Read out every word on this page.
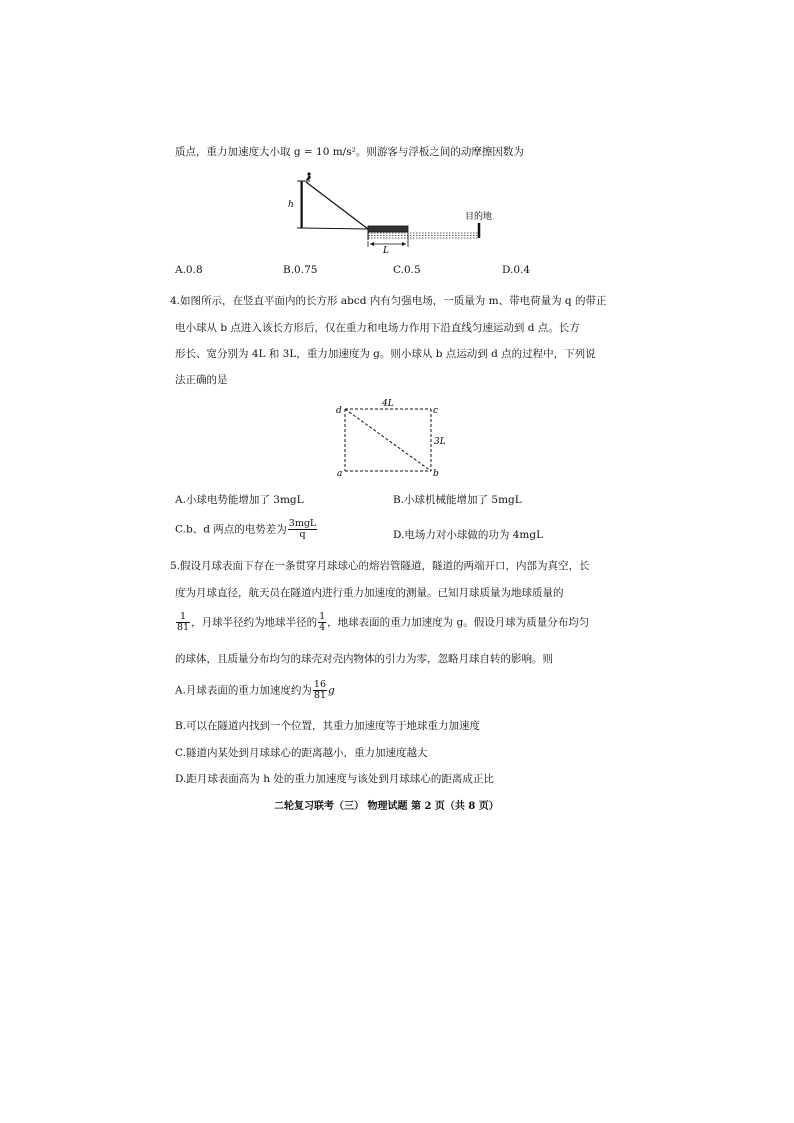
质点，重力加速度大小取 g = 10 m/s²。则游客与浮板之间的动摩擦因数为
h
L
目的地
A.0.8	B.0.75	C.0.5	D.0.4
4.如图所示，在竖直平面内的长方形 abcd 内有匀强电场，一质量为 m、带电荷量为 q 的带正
电小球从 b 点进入该长方形后，仅在重力和电场力作用下沿直线匀速运动到 d 点。长方
形长、宽分别为 4L 和 3L，重力加速度为 g。则小球从 b 点运动到 d 点的过程中，下列说
法正确的是
d	c
a	b
4L
3L
A.小球电势能增加了 3mgL	B.小球机械能增加了 5mgL
C.b、d 两点的电势差为 $\frac{\text{3mgL}}{q}$	D.电场力对小球做的功为 4mgL
5.假设月球表面下存在一条贯穿月球球心的熔岩管隧道，隧道的两端开口，内部为真空，长
度为月球直径，航天员在隧道内进行重力加速度的测量。已知月球质量为地球质量的
$\frac{1}{81}$ ，月球半径约为地球半径的 $\frac{1}{4}$ ，地球表面的重力加速度为 g。假设月球为质量分布均匀
的球体，且质量分布均匀的球壳对壳内物体的引力为零，忽略月球自转的影响。则
A.月球表面的重力加速度约为 $\frac{16}{81}$ g
B.可以在隧道内找到一个位置，其重力加速度等于地球重力加速度
C.隧道内某处到月球球心的距离越小，重力加速度越大
D.距月球表面高为 h 处的重力加速度与该处到月球球心的距离成正比
二轮复习联考（三） 物理试题 第 2 页（共 8 页）
